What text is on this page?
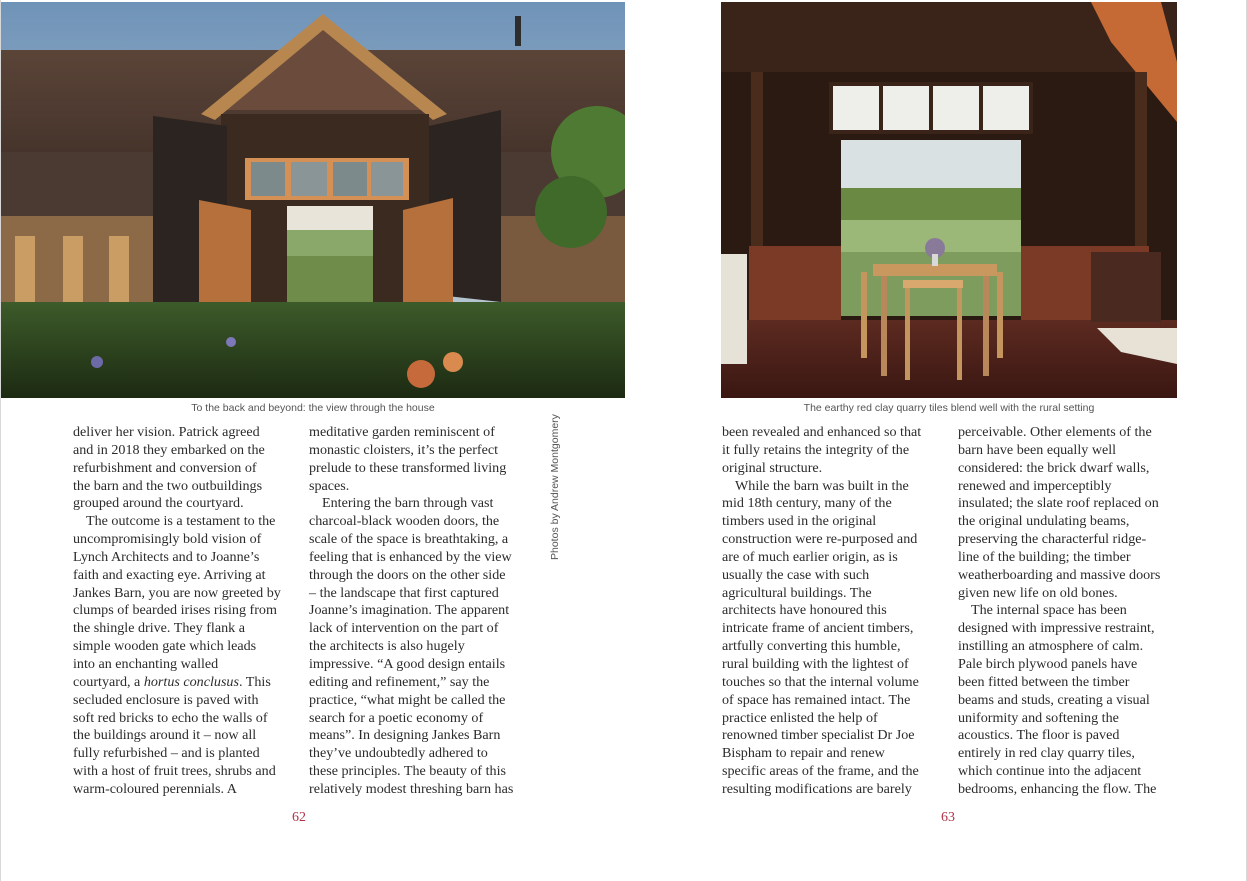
To the back and beyond: the view through the house	The earthy red clay quarry tiles blend well with the rural setting
Photos by Andrew Montgomery

deliver her vision. Patrick agreed
and in 2018 they embarked on the
refurbishment and conversion of
the barn and the two outbuildings
grouped around the courtyard.

The outcome is a testament to the
uncompromisingly bold vision of
Lynch Architects and to Joanne’s
faith and exacting eye. Arriving at
Jankes Barn, you are now greeted by
clumps of bearded irises rising from
the shingle drive. They flank a
simple wooden gate which leads
into an enchanting walled
courtyard, a hortus conclusus. This
secluded enclosure is paved with
soft red bricks to echo the walls of
the buildings around it – now all
fully refurbished – and is planted
with a host of fruit trees, shrubs and
warm-coloured perennials. A

meditative garden reminiscent of
monastic cloisters, it’s the perfect
prelude to these transformed living
spaces.

Entering the barn through vast
charcoal-black wooden doors, the
scale of the space is breathtaking, a
feeling that is enhanced by the view
through the doors on the other side
– the landscape that first captured
Joanne’s imagination. The apparent
lack of intervention on the part of
the architects is also hugely
impressive. “A good design entails
editing and refinement,” say the
practice, “what might be called the
search for a poetic economy of
means”. In designing Jankes Barn
they’ve undoubtedly adhered to
these principles. The beauty of this
relatively modest threshing barn has

been revealed and enhanced so that
it fully retains the integrity of the
original structure.

While the barn was built in the
mid 18th century, many of the
timbers used in the original
construction were re-purposed and
are of much earlier origin, as is
usually the case with such
agricultural buildings. The
architects have honoured this
intricate frame of ancient timbers,
artfully converting this humble,
rural building with the lightest of
touches so that the internal volume
of space has remained intact. The
practice enlisted the help of
renowned timber specialist Dr Joe
Bispham to repair and renew
specific areas of the frame, and the
resulting modifications are barely

perceivable. Other elements of the
barn have been equally well
considered: the brick dwarf walls,
renewed and imperceptibly
insulated; the slate roof replaced on
the original undulating beams,
preserving the characterful ridge-
line of the building; the timber
weatherboarding and massive doors
given new life on old bones.

The internal space has been
designed with impressive restraint,
instilling an atmosphere of calm.
Pale birch plywood panels have
been fitted between the timber
beams and studs, creating a visual
uniformity and softening the
acoustics. The floor is paved
entirely in red clay quarry tiles,
which continue into the adjacent
bedrooms, enhancing the flow. The

62	63
